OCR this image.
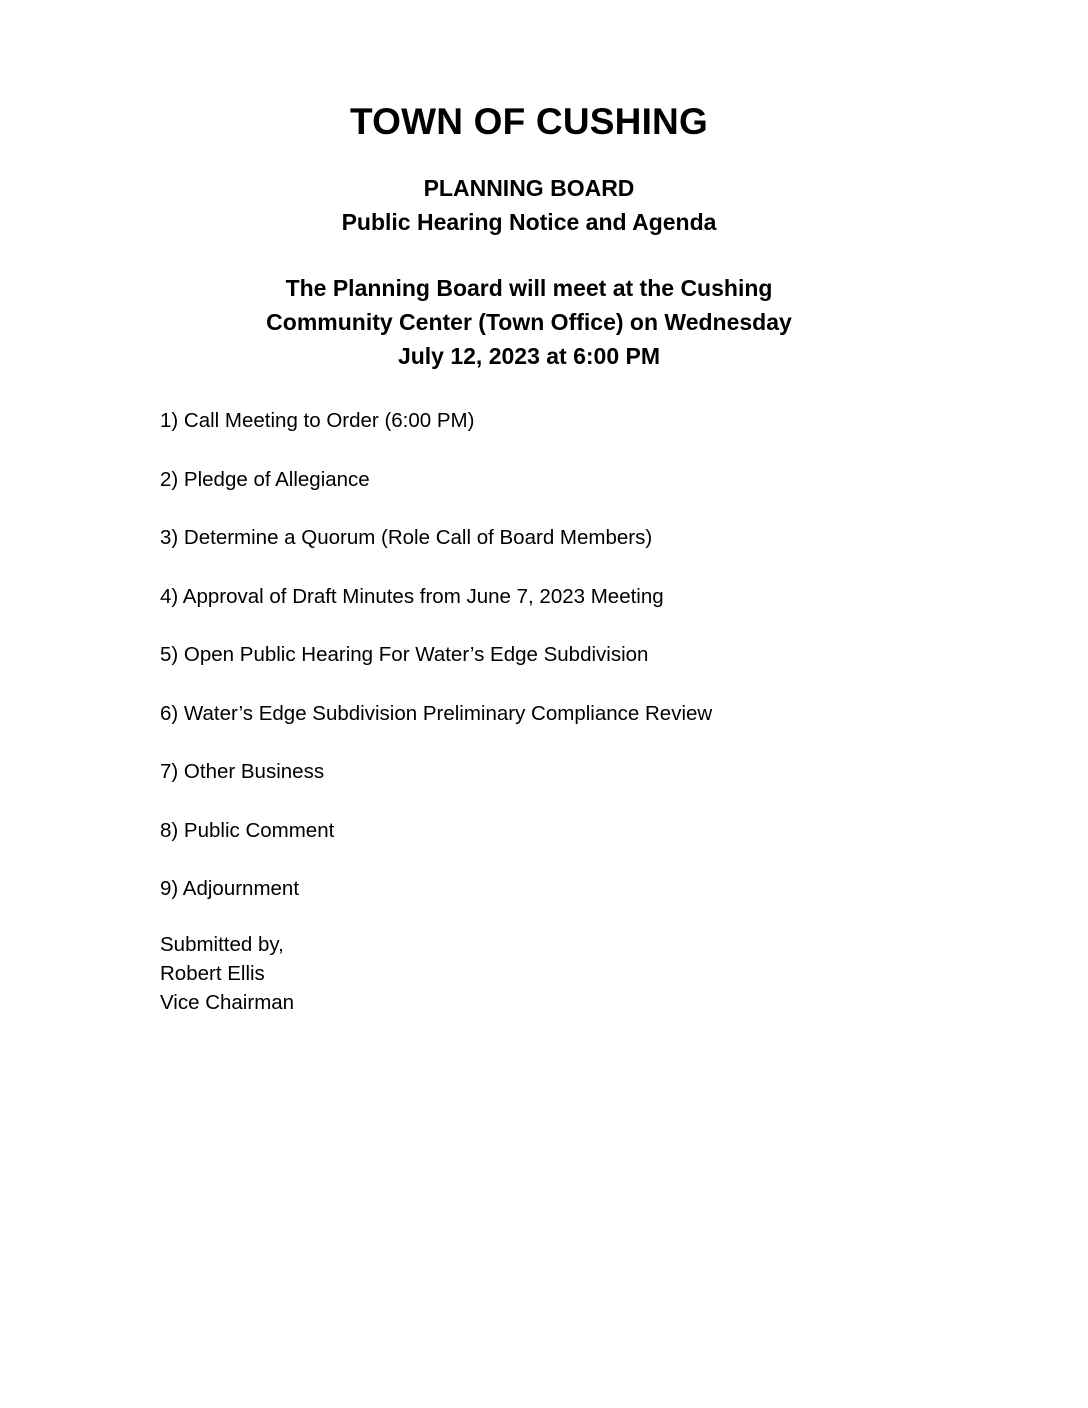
TOWN OF CUSHING
PLANNING BOARD
Public Hearing Notice and Agenda
The Planning Board will meet at the Cushing
Community Center (Town Office) on Wednesday
July 12, 2023 at 6:00 PM
1) Call Meeting to Order (6:00 PM)
2) Pledge of Allegiance
3) Determine a Quorum (Role Call of Board Members)
4) Approval of Draft Minutes from June 7, 2023 Meeting
5) Open Public Hearing For Water’s Edge Subdivision
6) Water’s Edge Subdivision Preliminary Compliance Review
7) Other Business
8) Public Comment
9) Adjournment
Submitted by,
Robert Ellis
Vice Chairman
